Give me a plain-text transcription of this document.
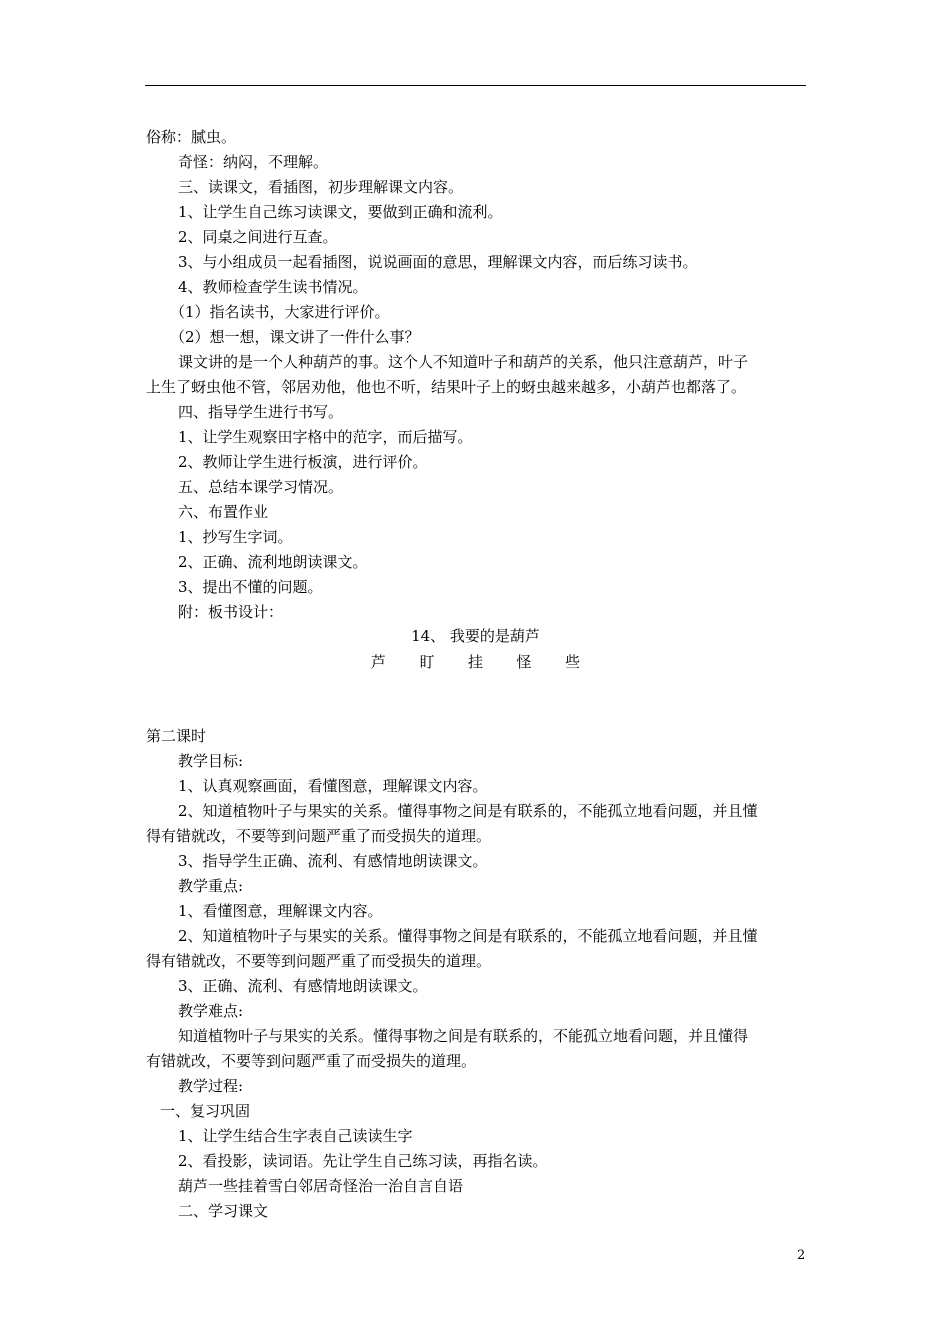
俗称：腻虫。
奇怪：纳闷，不理解。
三、读课文，看插图，初步理解课文内容。
1、让学生自己练习读课文，要做到正确和流利。
2、同桌之间进行互查。
3、与小组成员一起看插图，说说画面的意思，理解课文内容，而后练习读书。
4、教师检查学生读书情况。
（1）指名读书，大家进行评价。
（2）想一想，课文讲了一件什么事？
课文讲的是一个人种葫芦的事。这个人不知道叶子和葫芦的关系，他只注意葫芦，叶子
上生了蚜虫他不管，邻居劝他，他也不听，结果叶子上的蚜虫越来越多，小葫芦也都落了。
四、指导学生进行书写。
1、让学生观察田字格中的范字，而后描写。
2、教师让学生进行板演，进行评价。
五、总结本课学习情况。
六、布置作业
1、抄写生字词。
2、正确、流利地朗读课文。
3、提出不懂的问题。
附：板书设计：
14、 我要的是葫芦
芦  盯  挂  怪  些
第二课时
教学目标:
1、认真观察画面，看懂图意，理解课文内容。
2、知道植物叶子与果实的关系。懂得事物之间是有联系的，不能孤立地看问题，并且懂
得有错就改，不要等到问题严重了而受损失的道理。
3、指导学生正确、流利、有感情地朗读课文。
教学重点:
1、看懂图意，理解课文内容。
2、知道植物叶子与果实的关系。懂得事物之间是有联系的，不能孤立地看问题，并且懂
得有错就改，不要等到问题严重了而受损失的道理。
3、正确、流利、有感情地朗读课文。
教学难点:
知道植物叶子与果实的关系。懂得事物之间是有联系的，不能孤立地看问题，并且懂得
有错就改，不要等到问题严重了而受损失的道理。
教学过程:
一、复习巩固
1、让学生结合生字表自己读读生字
2、看投影，读词语。先让学生自己练习读，再指名读。
葫芦一些挂着雪白邻居奇怪治一治自言自语
二、学习课文
2
